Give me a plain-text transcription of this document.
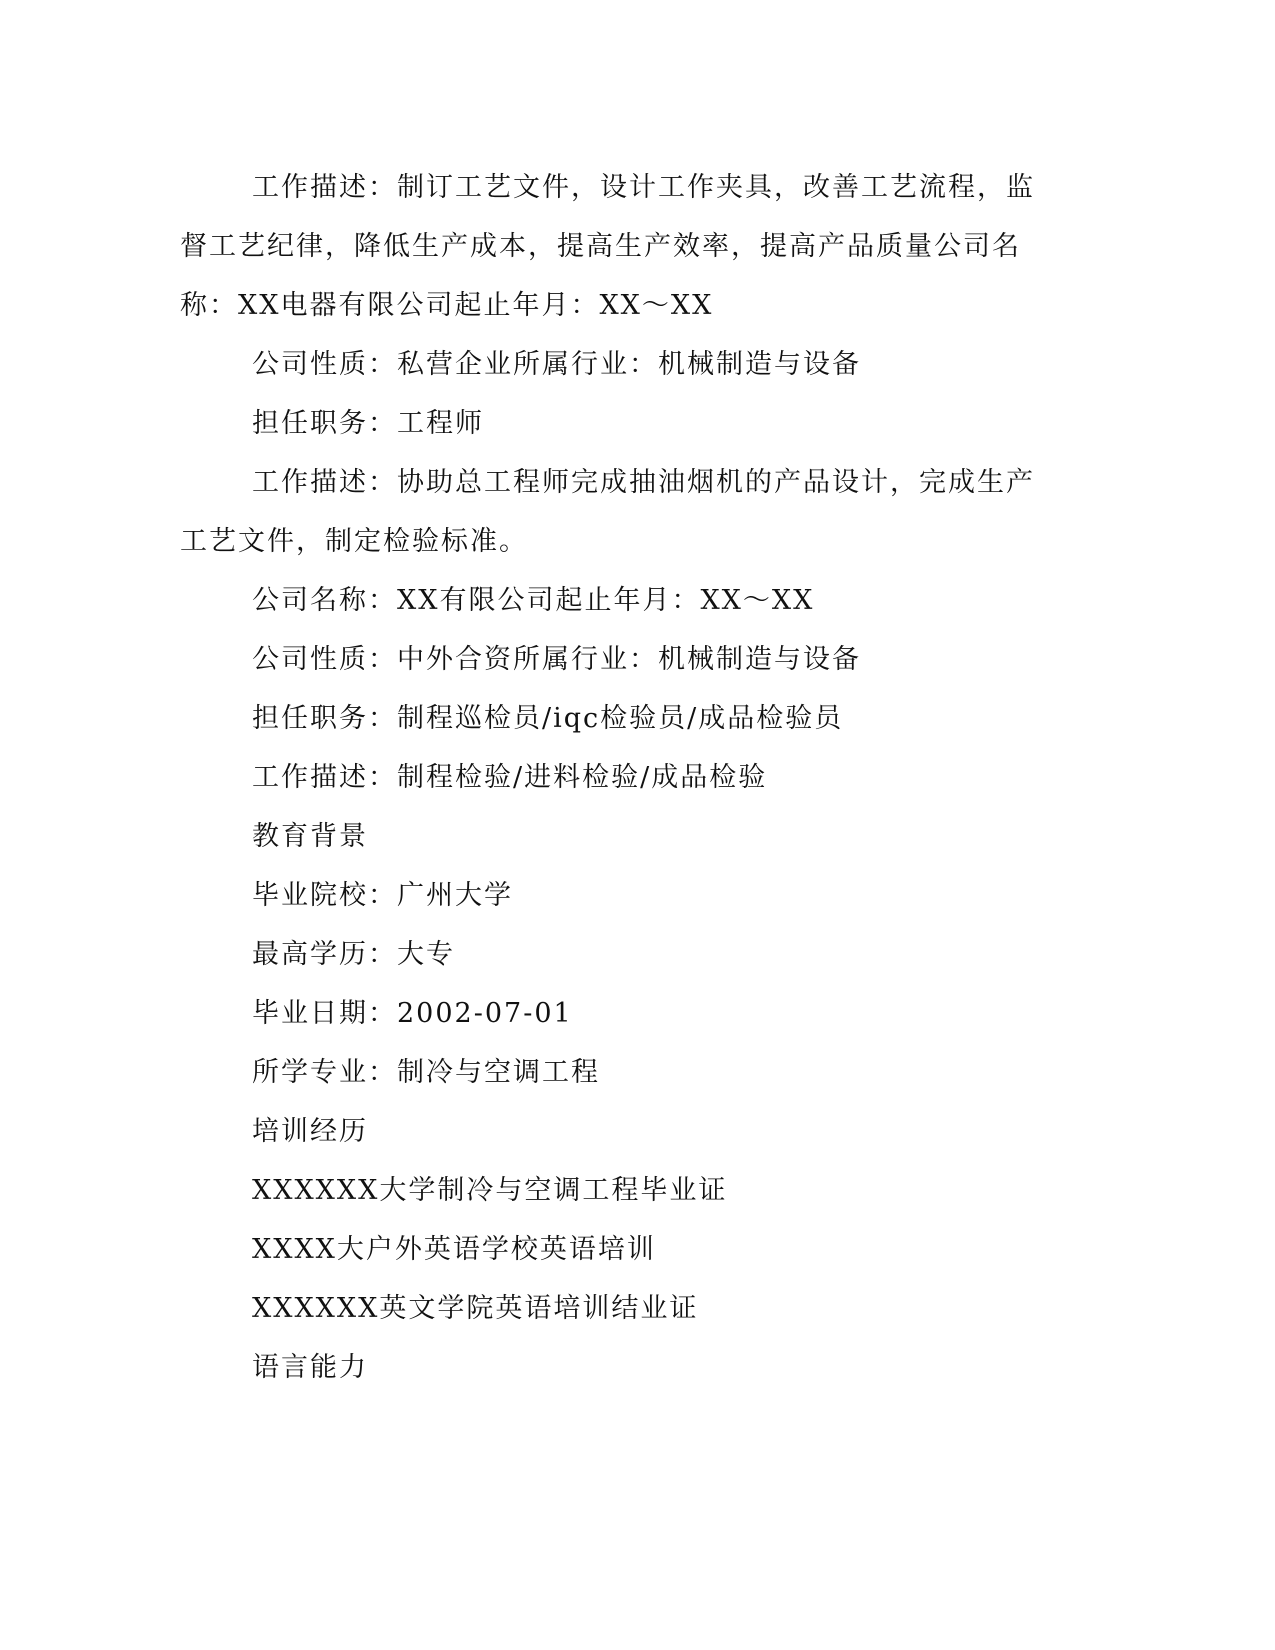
工作描述：制订工艺文件，设计工作夹具，改善工艺流程，监督工艺纪律，降低生产成本，提高生产效率，提高产品质量公司名称：XX电器有限公司起止年月：XX～XX

公司性质：私营企业所属行业：机械制造与设备

担任职务：工程师

工作描述：协助总工程师完成抽油烟机的产品设计，完成生产工艺文件，制定检验标准。

公司名称：XX有限公司起止年月：XX～XX

公司性质：中外合资所属行业：机械制造与设备

担任职务：制程巡检员/iqc检验员/成品检验员

工作描述：制程检验/进料检验/成品检验

教育背景

毕业院校：广州大学

最高学历：大专

毕业日期：2002-07-01

所学专业：制冷与空调工程

培训经历

XXXXXX大学制冷与空调工程毕业证

XXXX大户外英语学校英语培训

XXXXXX英文学院英语培训结业证

语言能力
